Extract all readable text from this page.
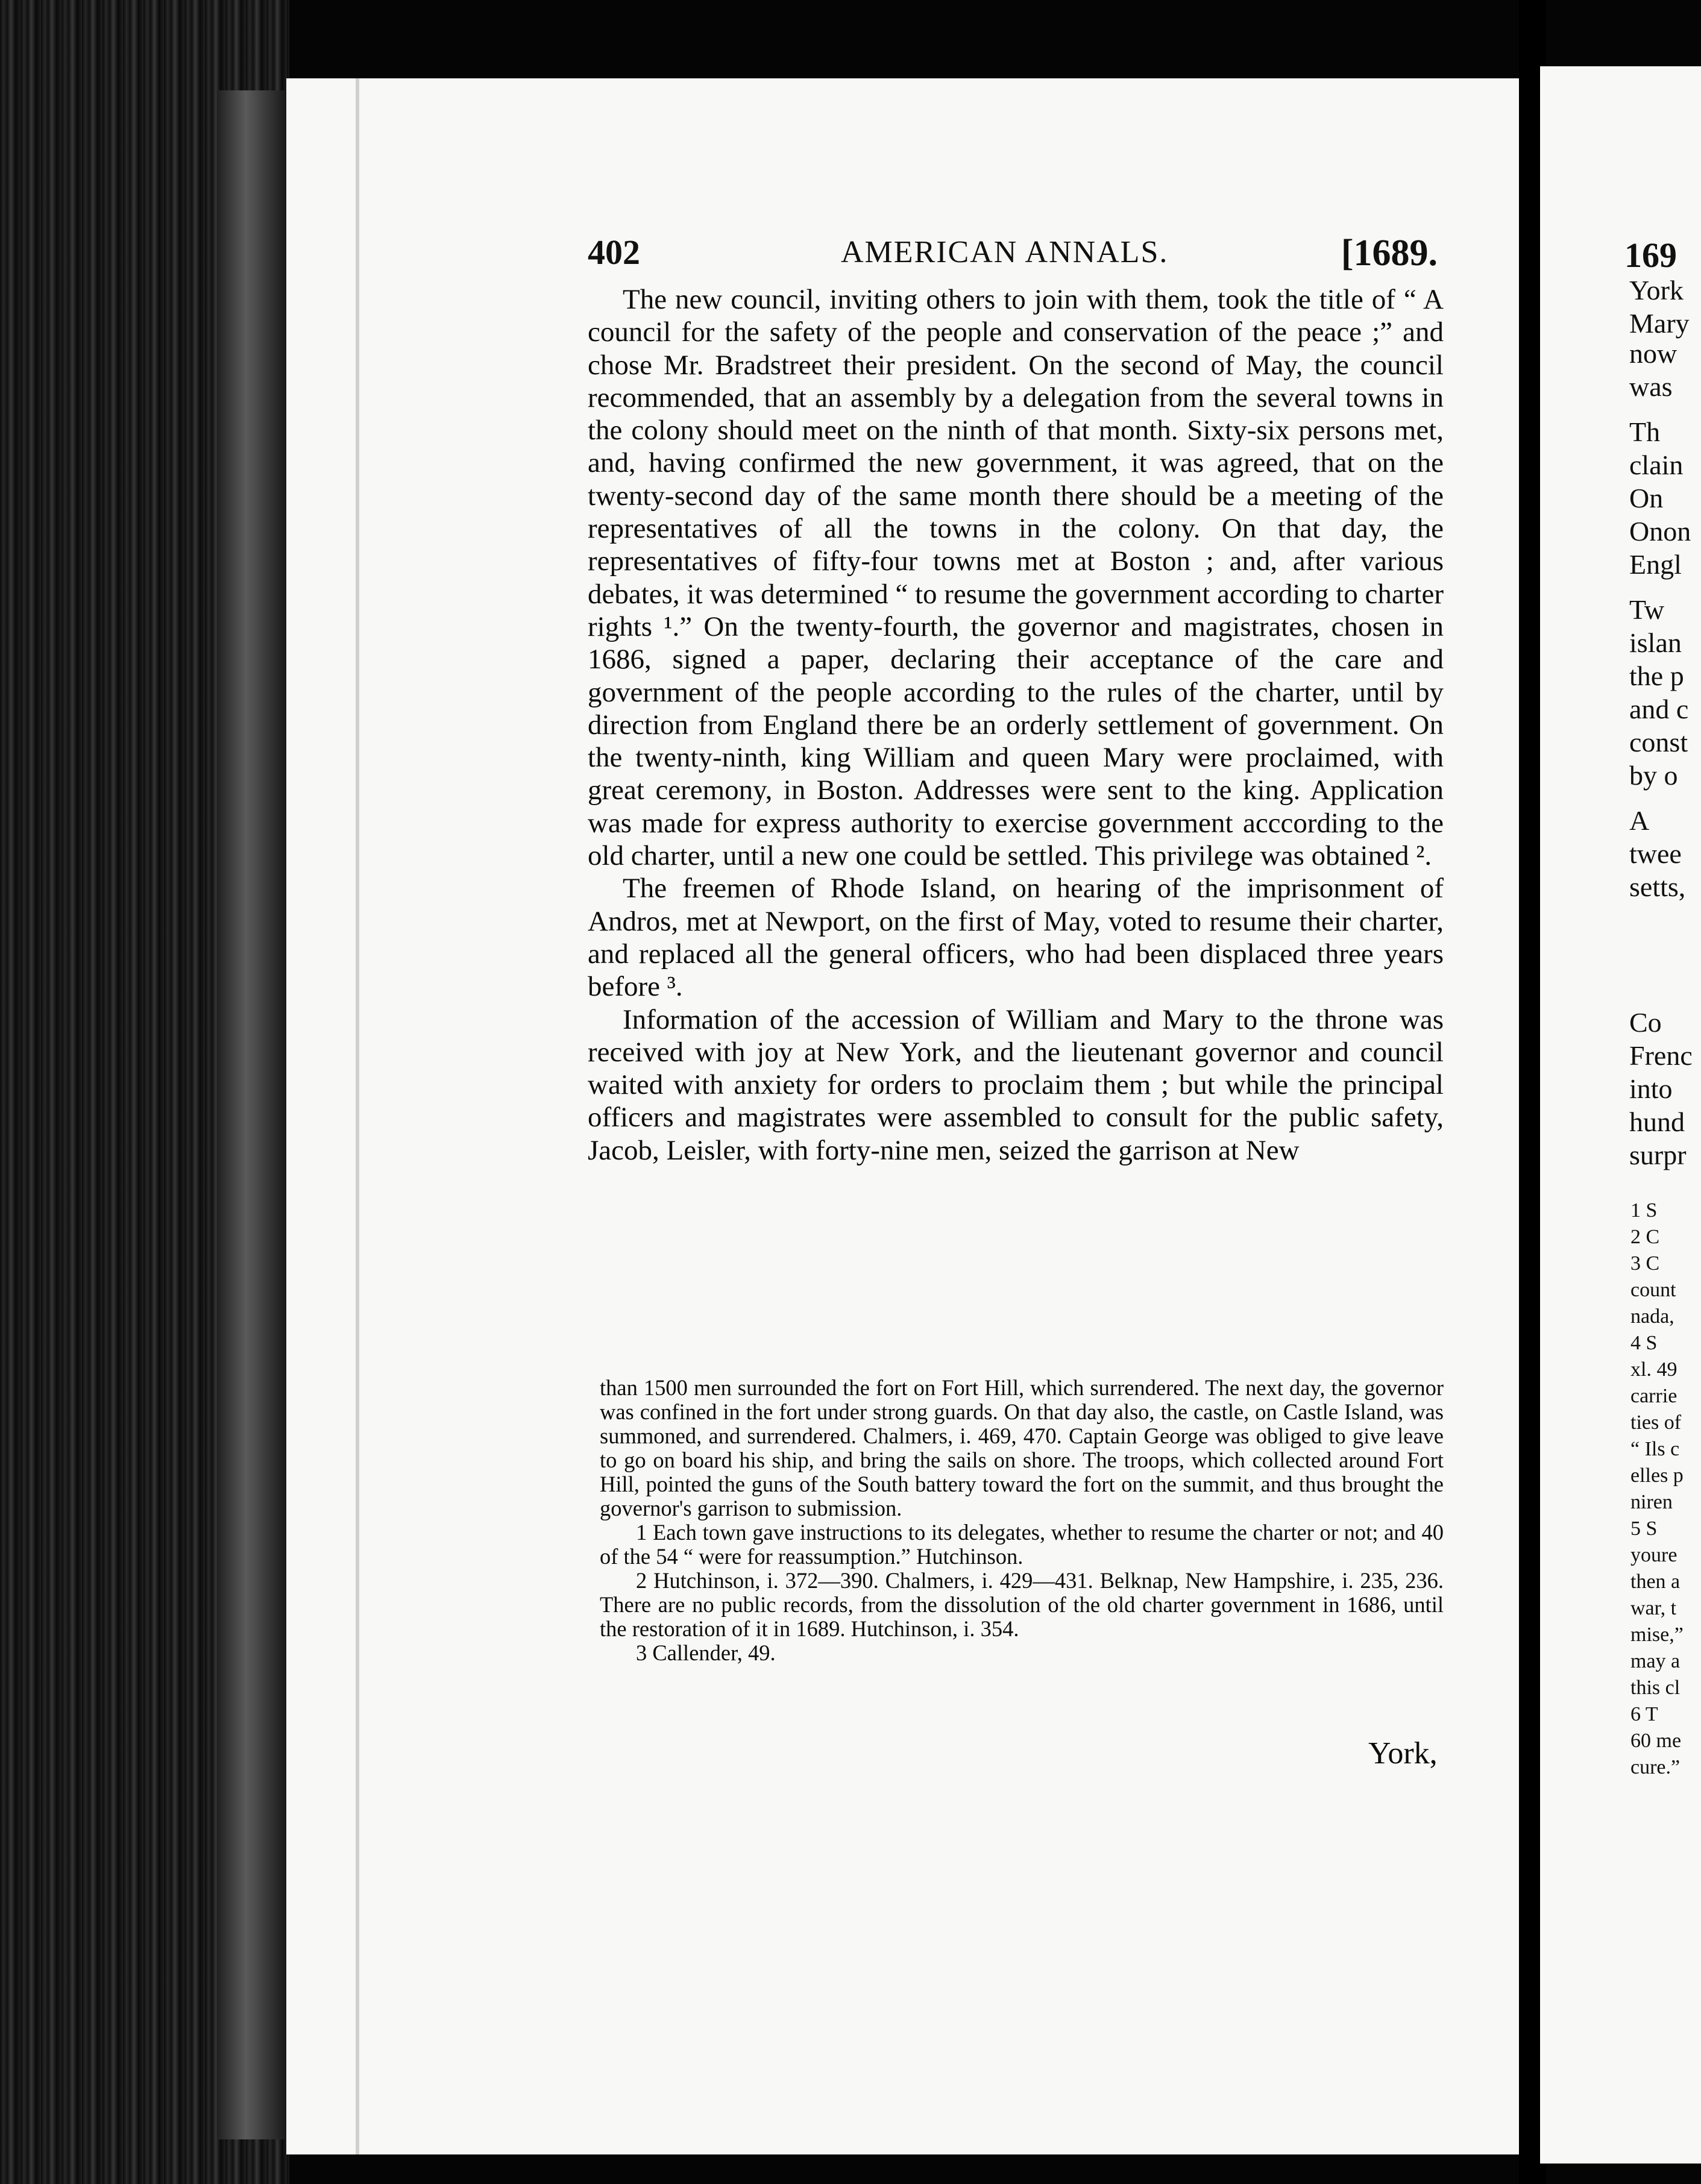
169
York
Mary
now
was
Th
clain
On
Onon
Engl
Tw
islan
the p
and c
const
by o
A
twee
setts,
Co
Frenc
into
hund
surpr
1 S
2 C
3 C
count
nada,
4 S
xl. 49
carrie
ties of
“ Ils c
elles p
niren
5 S
youre
then a
war, t
mise,”
may a
this cl
6 T
60 me
cure.”
402	AMERICAN ANNALS.	[1689.

The new council, inviting others to join with them, took the title of “ A council for the safety of the people and conservation of the peace ;” and chose Mr. Bradstreet their president. On the second of May, the council recommended, that an assembly by a delegation from the several towns in the colony should meet on the ninth of that month. Sixty-six persons met, and, having confirmed the new government, it was agreed, that on the twenty-second day of the same month there should be a meeting of the representatives of all the towns in the colony. On that day, the representatives of fifty-four towns met at Boston ; and, after various debates, it was determined “ to resume the government according to charter rights ¹.” On the twenty-fourth, the governor and magistrates, chosen in 1686, signed a paper, declaring their acceptance of the care and government of the people according to the rules of the charter, until by direction from England there be an orderly settlement of government. On the twenty-ninth, king William and queen Mary were proclaimed, with great ceremony, in Boston. Addresses were sent to the king. Application was made for express authority to exercise government acccording to the old charter, until a new one could be settled. This privilege was obtained ².

The freemen of Rhode Island, on hearing of the imprisonment of Andros, met at Newport, on the first of May, voted to resume their charter, and replaced all the general officers, who had been displaced three years before ³.

Information of the accession of William and Mary to the throne was received with joy at New York, and the lieutenant governor and council waited with anxiety for orders to proclaim them ; but while the principal officers and magistrates were assembled to consult for the public safety, Jacob, Leisler, with forty-nine men, seized the garrison at New

than 1500 men surrounded the fort on Fort Hill, which surrendered. The next day, the governor was confined in the fort under strong guards. On that day also, the castle, on Castle Island, was summoned, and surrendered. Chalmers, i. 469, 470. Captain George was obliged to give leave to go on board his ship, and bring the sails on shore. The troops, which collected around Fort Hill, pointed the guns of the South battery toward the fort on the summit, and thus brought the governor's garrison to submission.

1 Each town gave instructions to its delegates, whether to resume the charter or not; and 40 of the 54 “ were for reassumption.” Hutchinson.

2 Hutchinson, i. 372—390. Chalmers, i. 429—431. Belknap, New Hampshire, i. 235, 236. There are no public records, from the dissolution of the old charter government in 1686, until the restoration of it in 1689. Hutchinson, i. 354.

3 Callender, 49.

York,
